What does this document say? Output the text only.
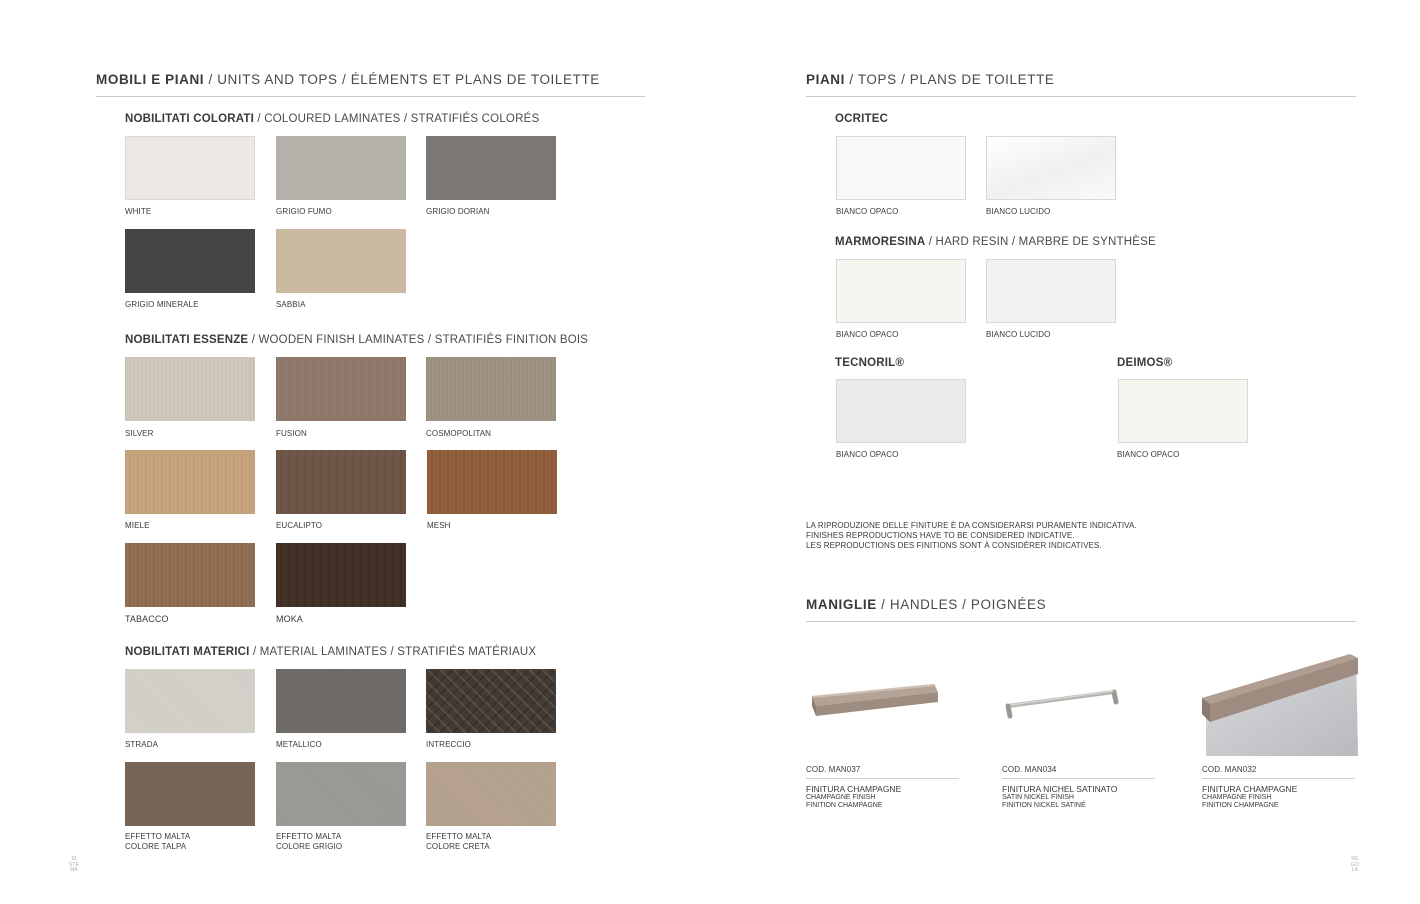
MOBILI E PIANI / UNITS AND TOPS / ÉLÉMENTS ET PLANS DE TOILETTE
NOBILITATI COLORATI / COLOURED LAMINATES / STRATIFIÉS COLORÉS
WHITE	GRIGIO FUMO	GRIGIO DORIAN
GRIGIO MINERALE	SABBIA
NOBILITATI ESSENZE / WOODEN FINISH LAMINATES / STRATIFIÉS FINITION BOIS
SILVER	FUSION	COSMOPOLITAN
MIELE	EUCALIPTO	MESH
TABACCO	MOKA
NOBILITATI MATERICI / MATERIAL LAMINATES / STRATIFIÉS MATÉRIAUX
STRADA	METALLICO	INTRECCIO
EFFETTO MALTA
COLORE TALPA
EFFETTO MALTA
COLORE GRIGIO
EFFETTO MALTA
COLORE CRETA
SI
STE
MA
PIANI / TOPS / PLANS DE TOILETTE
OCRITEC
BIANCO OPACO	BIANCO LUCIDO
MARMORESINA / HARD RESIN / MARBRE DE SYNTHÈSE
BIANCO OPACO	BIANCO LUCIDO
TECNORIL®
BIANCO OPACO
DEIMOS®
BIANCO OPACO
LA RIPRODUZIONE DELLE FINITURE È DA CONSIDERARSI PURAMENTE INDICATIVA.
FINISHES REPRODUCTIONS HAVE TO BE CONSIDERED INDICATIVE.
LES REPRODUCTIONS DES FINITIONS SONT À CONSIDÉRER INDICATIVES.
MANIGLIE / HANDLES / POIGNÉES
COD. MAN037
FINITURA CHAMPAGNE
CHAMPAGNE FINISH
FINITION CHAMPAGNE
COD. MAN034
FINITURA NICHEL SATINATO
SATIN NICKEL FINISH
FINITION NICKEL SATINÉ
COD. MAN032
FINITURA CHAMPAGNE
CHAMPAGNE FINISH
FINITION CHAMPAGNE
RE
GO
LA
